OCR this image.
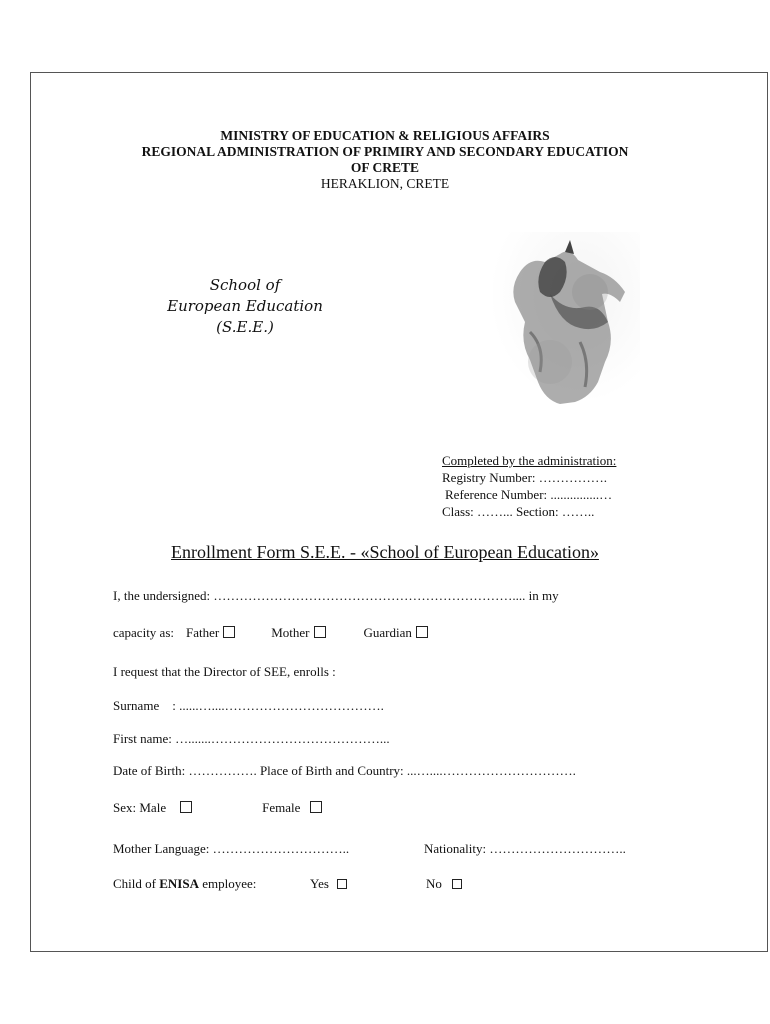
MINISTRY OF EDUCATION & RELIGIOUS AFFAIRS
REGIONAL ADMINISTRATION OF PRIMIRY AND SECONDARY EDUCATION
OF CRETE
HERAKLION, CRETE
School of
European Education
(S.E.E.)
Completed by the administration:
Registry Number: …………….
Reference Number: ...............…
Class: ……... Section: ……..
Enrollment Form S.E.E. - «School of European Education»
I, the undersigned: …………………………………………………………….... in my
capacity as: Father	Mother	Guardian
I request that the Director of SEE, enrolls :
Surname    : ......…....……………………………….
First name: ….......…………………………………...
Date of Birth: ……………. Place of Birth and Country: ...…....………………………….
Sex: Male	Female
Mother Language: …………………………..	Nationality: …………………………..
Child of ENISA employee:	Yes	No
